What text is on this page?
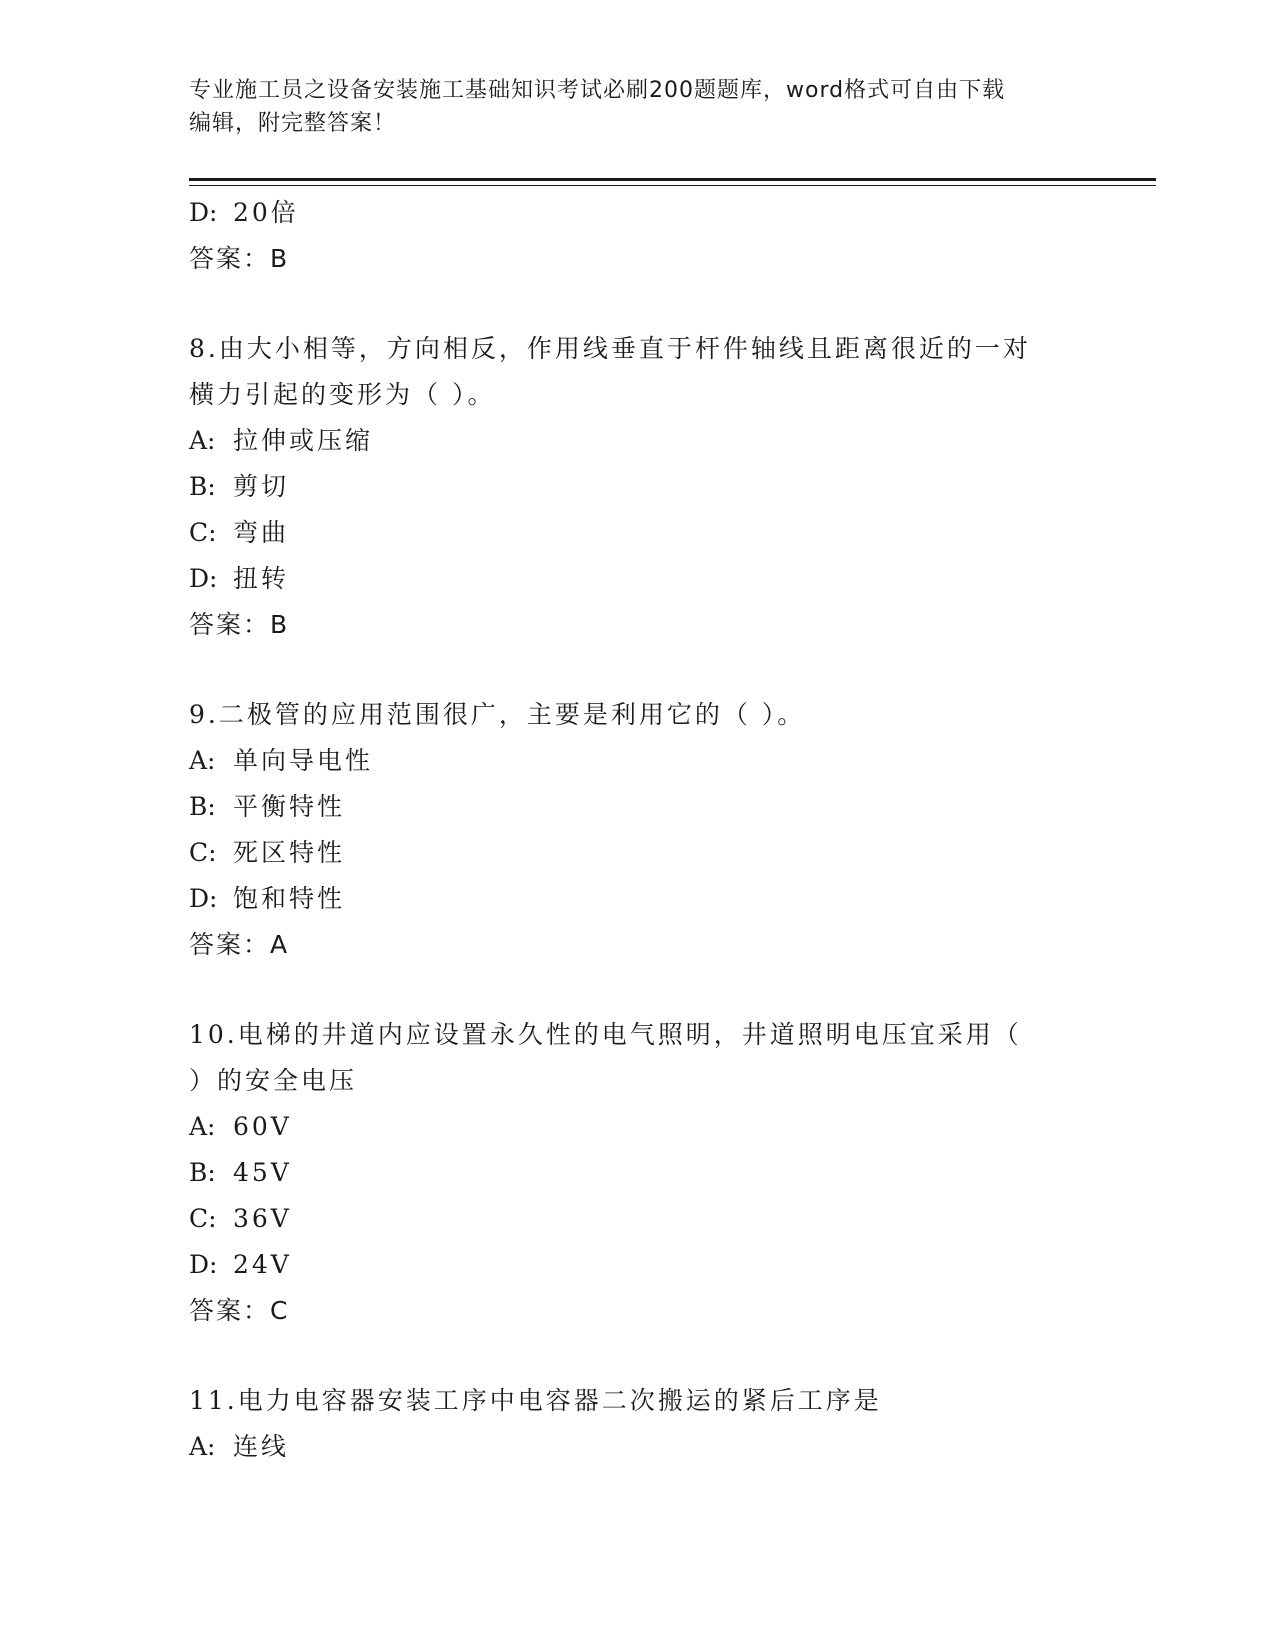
专业施工员之设备安装施工基础知识考试必刷200题题库，word格式可自由下载
编辑，附完整答案！
D: 20倍
答案：B
8.由大小相等，方向相反，作用线垂直于杆件轴线且距离很近的一对
横力引起的变形为（ ）。
A: 拉伸或压缩
B: 剪切
C: 弯曲
D: 扭转
答案：B
9.二极管的应用范围很广，主要是利用它的（ ）。
A: 单向导电性
B: 平衡特性
C: 死区特性
D: 饱和特性
答案：A
10.电梯的井道内应设置永久性的电气照明，井道照明电压宜采用（
）的安全电压
A: 60V
B: 45V
C: 36V
D: 24V
答案：C
11.电力电容器安装工序中电容器二次搬运的紧后工序是
A: 连线
